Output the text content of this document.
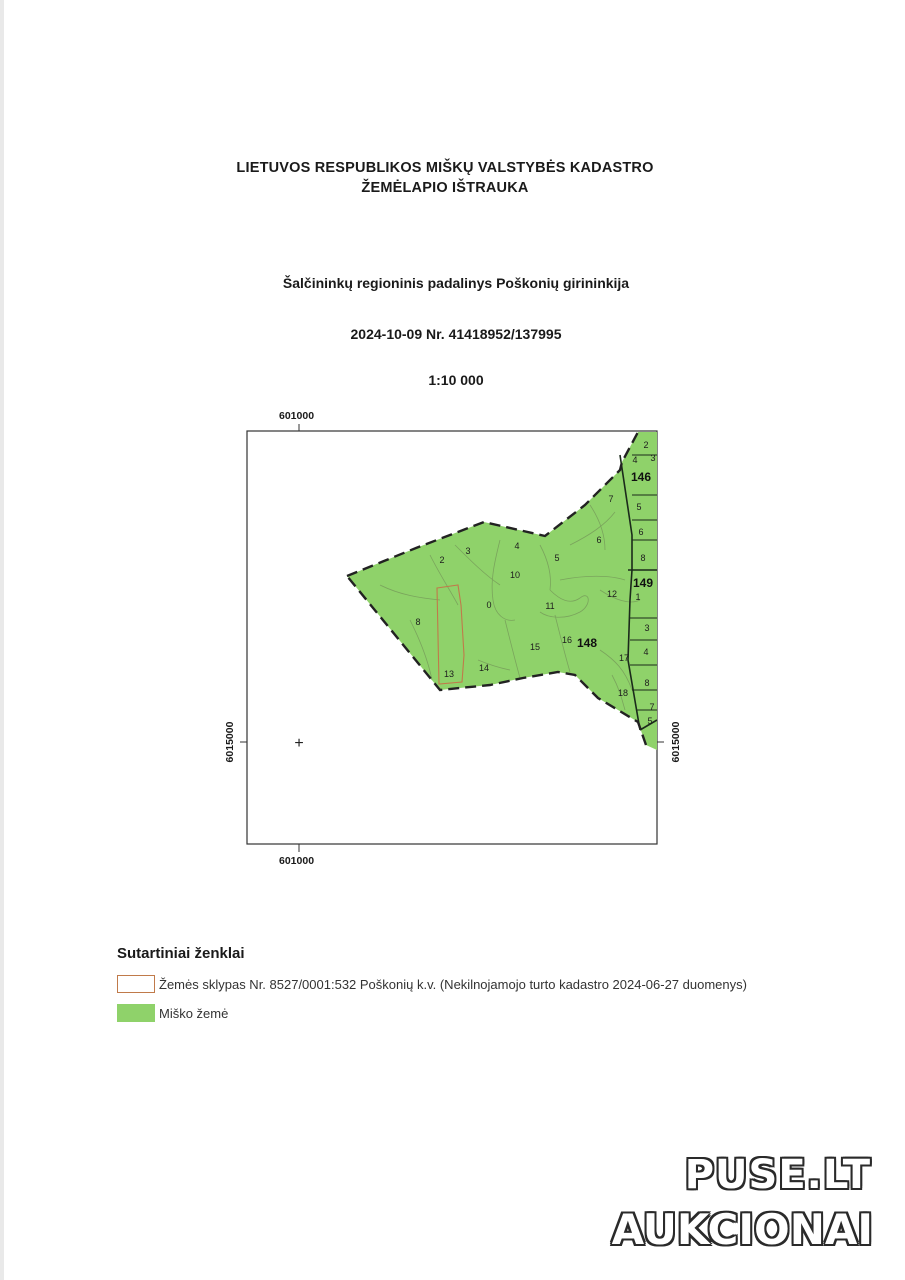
LIETUVOS RESPUBLIKOS MIŠKŲ VALSTYBĖS KADASTRO
ŽEMĖLAPIO IŠTRAUKA
Šalčininkų regioninis padalinys Poškonių girininkija
2024-10-09 Nr. 41418952/137995
1:10 000
+
2
3	4
10
5
6
7
0
8
11
15
16
13
14
12 1
17
18
2
4 3
5
6
8
3
4
8
7
5
146
148
149
601000
601000
6015000	6015000
Sutartiniai ženklai
Žemės sklypas Nr. 8527/0001:532 Poškonių k.v. (Nekilnojamojo turto kadastro 2024-06-27 duomenys)
Miško žemė
PUSE.LT
AUKCIONAI
